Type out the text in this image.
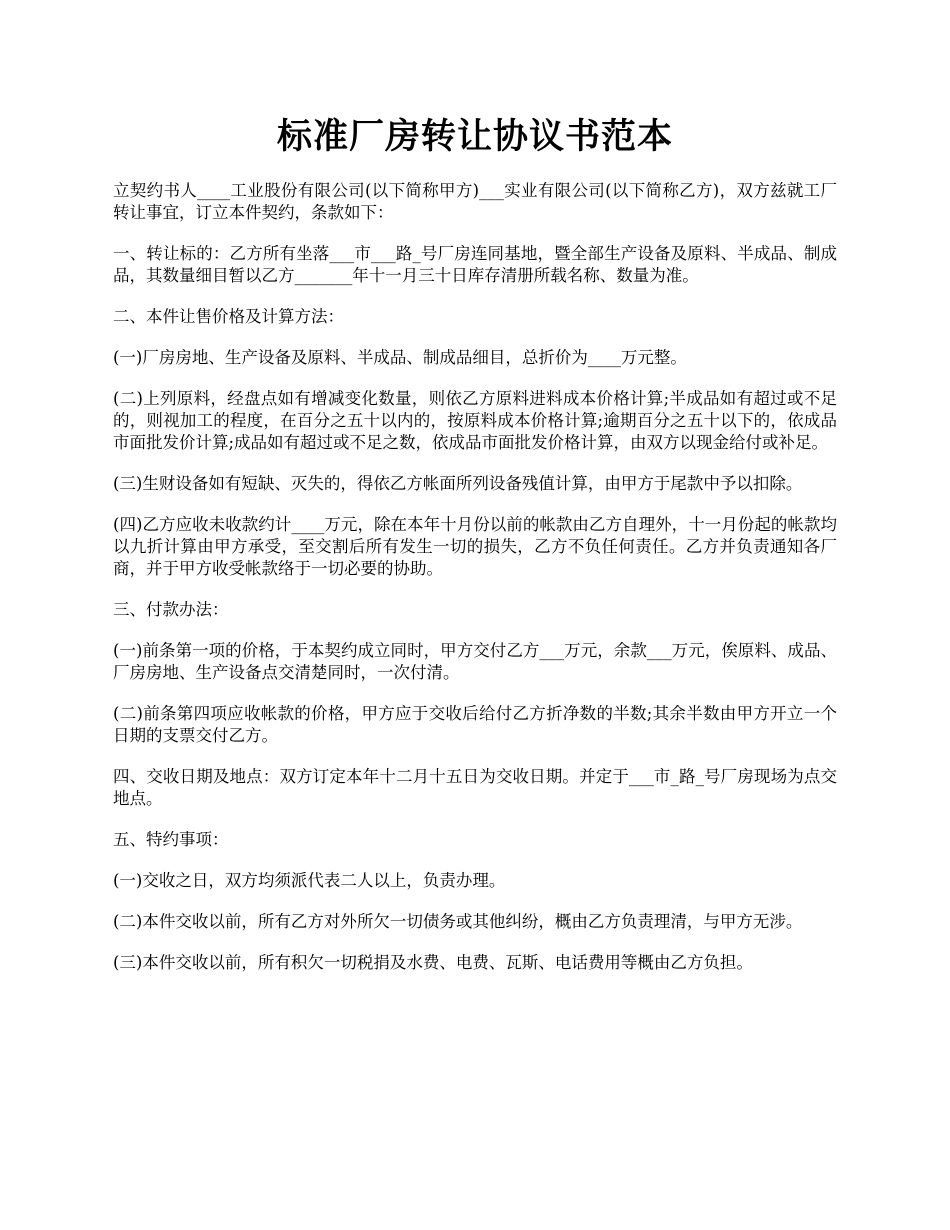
标准厂房转让协议书范本

立契约书人____工业股份有限公司(以下简称甲方)___实业有限公司(以下简称乙方)，双方兹就工厂转让事宜，订立本件契约，条款如下：

一、转让标的：乙方所有坐落___市___路_号厂房连同基地，暨全部生产设备及原料、半成品、制成品，其数量细目暂以乙方_______年十一月三十日库存清册所载名称、数量为准。

二、本件让售价格及计算方法：

(一)厂房房地、生产设备及原料、半成品、制成品细目，总折价为____万元整。

(二)上列原料，经盘点如有增减变化数量，则依乙方原料进料成本价格计算;半成品如有超过或不足的，则视加工的程度，在百分之五十以内的，按原料成本价格计算;逾期百分之五十以下的，依成品市面批发价计算;成品如有超过或不足之数，依成品市面批发价格计算，由双方以现金给付或补足。

(三)生财设备如有短缺、灭失的，得依乙方帐面所列设备残值计算，由甲方于尾款中予以扣除。

(四)乙方应收未收款约计____万元，除在本年十月份以前的帐款由乙方自理外，十一月份起的帐款均以九折计算由甲方承受，至交割后所有发生一切的损失，乙方不负任何责任。乙方并负责通知各厂商，并于甲方收受帐款络于一切必要的协助。

三、付款办法：

(一)前条第一项的价格，于本契约成立同时，甲方交付乙方___万元，余款___万元，俟原料、成品、厂房房地、生产设备点交清楚同时，一次付清。

(二)前条第四项应收帐款的价格，甲方应于交收后给付乙方折净数的半数;其余半数由甲方开立一个日期的支票交付乙方。

四、交收日期及地点：双方订定本年十二月十五日为交收日期。并定于___市_路_号厂房现场为点交地点。

五、特约事项：

(一)交收之日，双方均须派代表二人以上，负责办理。

(二)本件交收以前，所有乙方对外所欠一切债务或其他纠纷，概由乙方负责理清，与甲方无涉。

(三)本件交收以前，所有积欠一切税捐及水费、电费、瓦斯、电话费用等概由乙方负担。
